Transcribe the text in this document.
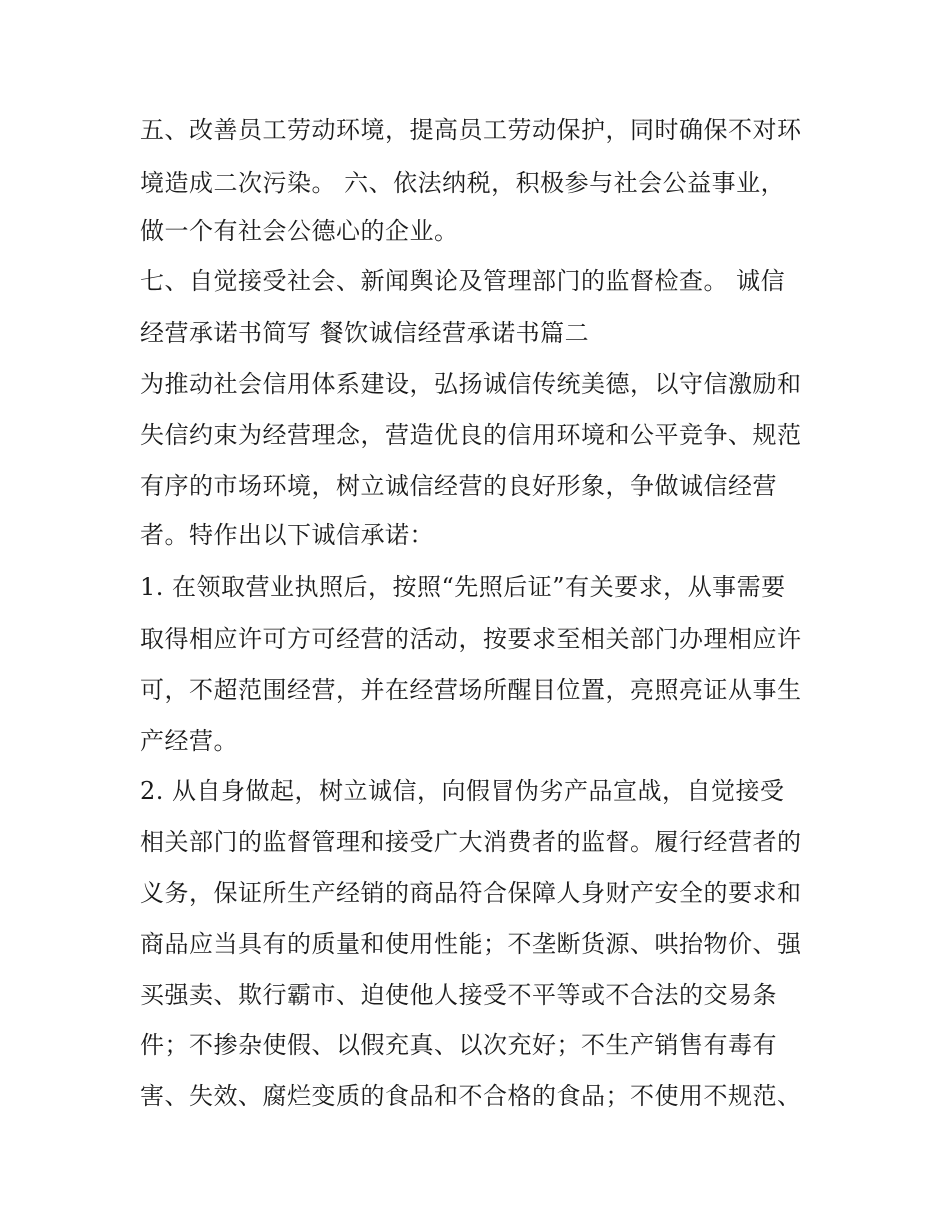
五、改善员工劳动环境，提高员工劳动保护，同时确保不对环
境造成二次污染。 六、依法纳税，积极参与社会公益事业，
做一个有社会公德心的企业。
七、自觉接受社会、新闻舆论及管理部门的监督检查。 诚信
经营承诺书简写 餐饮诚信经营承诺书篇二
为推动社会信用体系建设，弘扬诚信传统美德，以守信激励和
失信约束为经营理念，营造优良的信用环境和公平竞争、规范
有序的市场环境，树立诚信经营的良好形象，争做诚信经营
者。特作出以下诚信承诺：
1. 在领取营业执照后，按照“先照后证”有关要求，从事需要
取得相应许可方可经营的活动，按要求至相关部门办理相应许
可，不超范围经营，并在经营场所醒目位置，亮照亮证从事生
产经营。
2. 从自身做起，树立诚信，向假冒伪劣产品宣战，自觉接受
相关部门的监督管理和接受广大消费者的监督。履行经营者的
义务，保证所生产经销的商品符合保障人身财产安全的要求和
商品应当具有的质量和使用性能；不垄断货源、哄抬物价、强
买强卖、欺行霸市、迫使他人接受不平等或不合法的交易条
件；不掺杂使假、以假充真、以次充好；不生产销售有毒有
害、失效、腐烂变质的食品和不合格的食品；不使用不规范、
